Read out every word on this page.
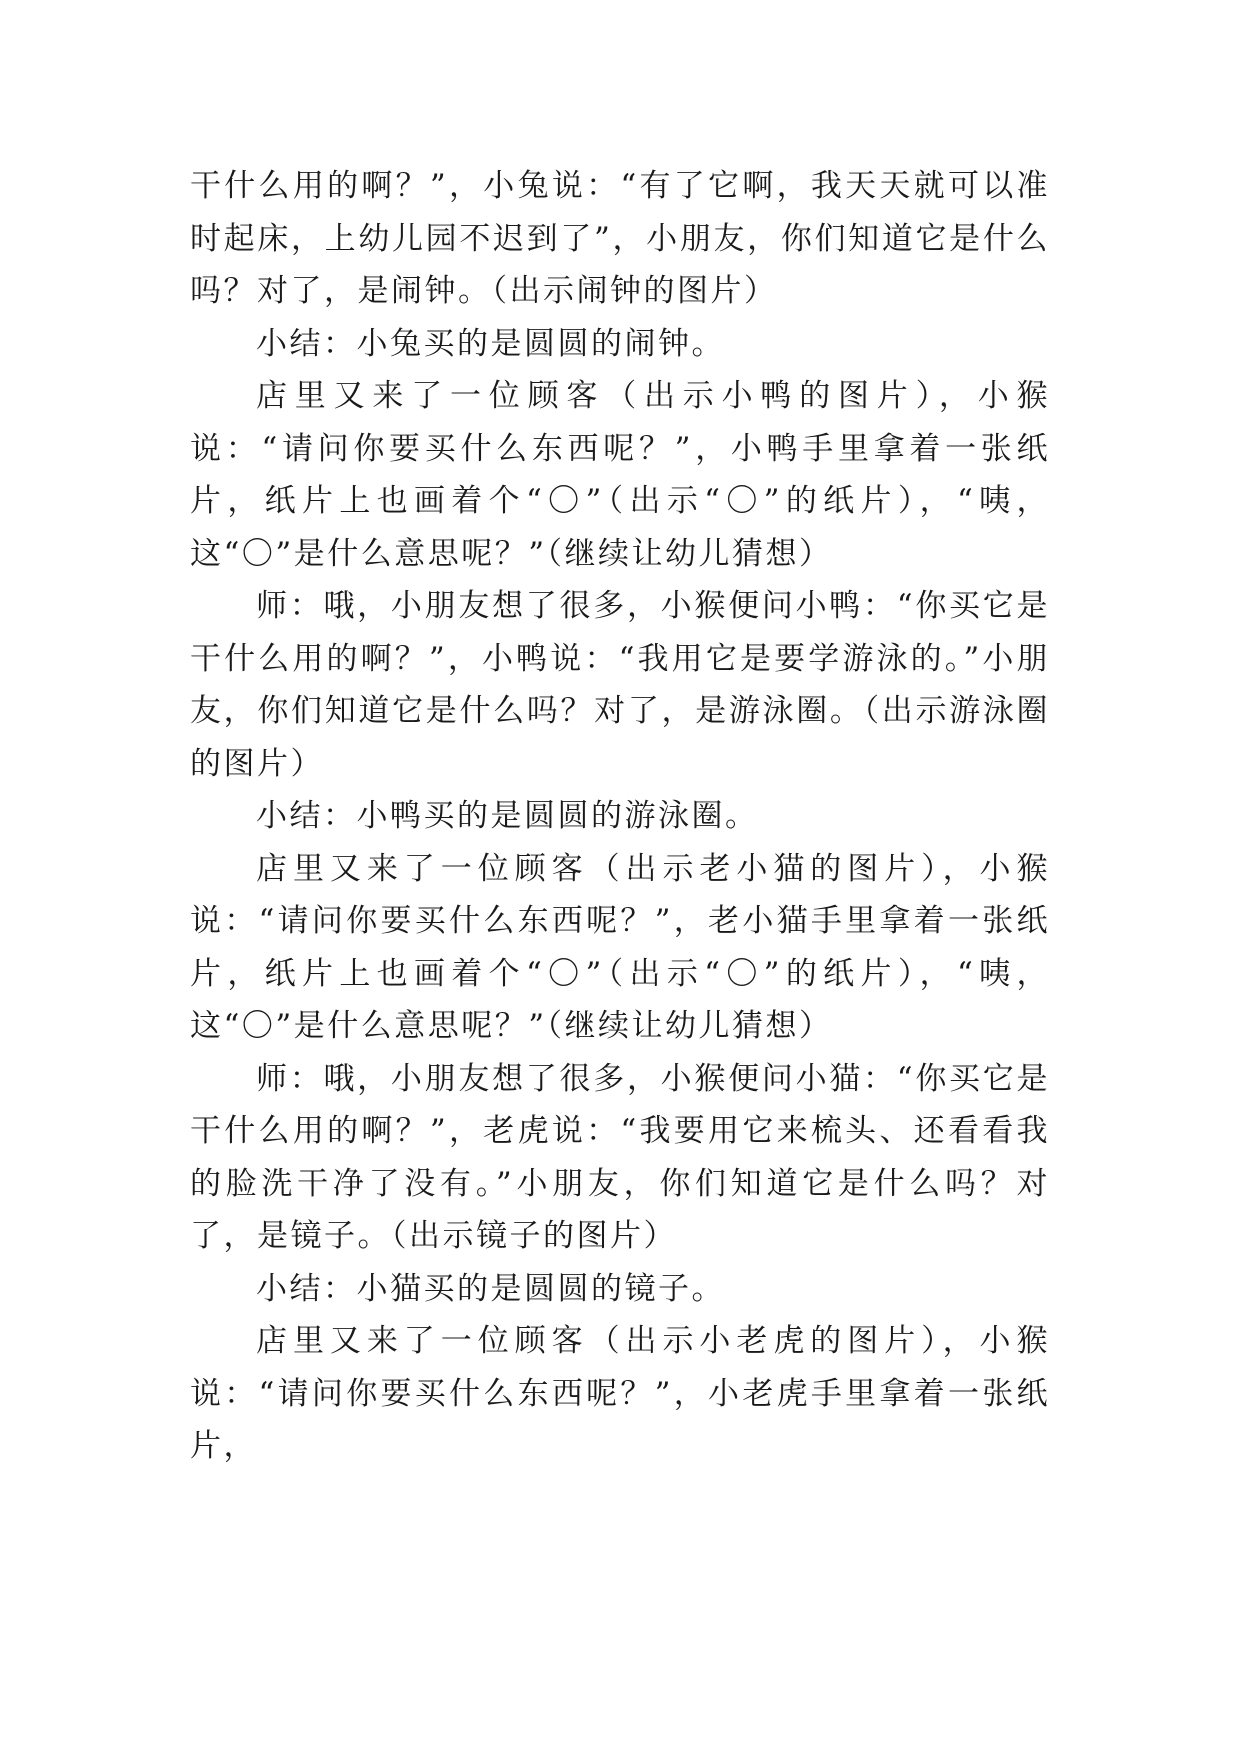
干什么用的啊？”，小兔说：“有了它啊，我天天就可以准时起床，上幼儿园不迟到了”，小朋友，你们知道它是什么吗？对了，是闹钟。（出示闹钟的图片）

小结：小兔买的是圆圆的闹钟。

店里又来了一位顾客（出示小鸭的图片），小猴说：“请问你要买什么东西呢？”，小鸭手里拿着一张纸片，纸片上也画着个“〇”（出示“〇”的纸片），“咦，这“〇”是什么意思呢？”（继续让幼儿猜想）

师：哦，小朋友想了很多，小猴便问小鸭：“你买它是干什么用的啊？”，小鸭说：“我用它是要学游泳的。”小朋友，你们知道它是什么吗？对了，是游泳圈。（出示游泳圈的图片）

小结：小鸭买的是圆圆的游泳圈。

店里又来了一位顾客（出示老小猫的图片），小猴说：“请问你要买什么东西呢？”，老小猫手里拿着一张纸片，纸片上也画着个“〇”（出示“〇”的纸片），“咦，这“〇”是什么意思呢？”（继续让幼儿猜想）

师：哦，小朋友想了很多，小猴便问小猫：“你买它是干什么用的啊？”，老虎说：“我要用它来梳头、还看看我的脸洗干净了没有。”小朋友，你们知道它是什么吗？对了，是镜子。（出示镜子的图片）

小结：小猫买的是圆圆的镜子。

店里又来了一位顾客（出示小老虎的图片），小猴说：“请问你要买什么东西呢？”，小老虎手里拿着一张纸片，
